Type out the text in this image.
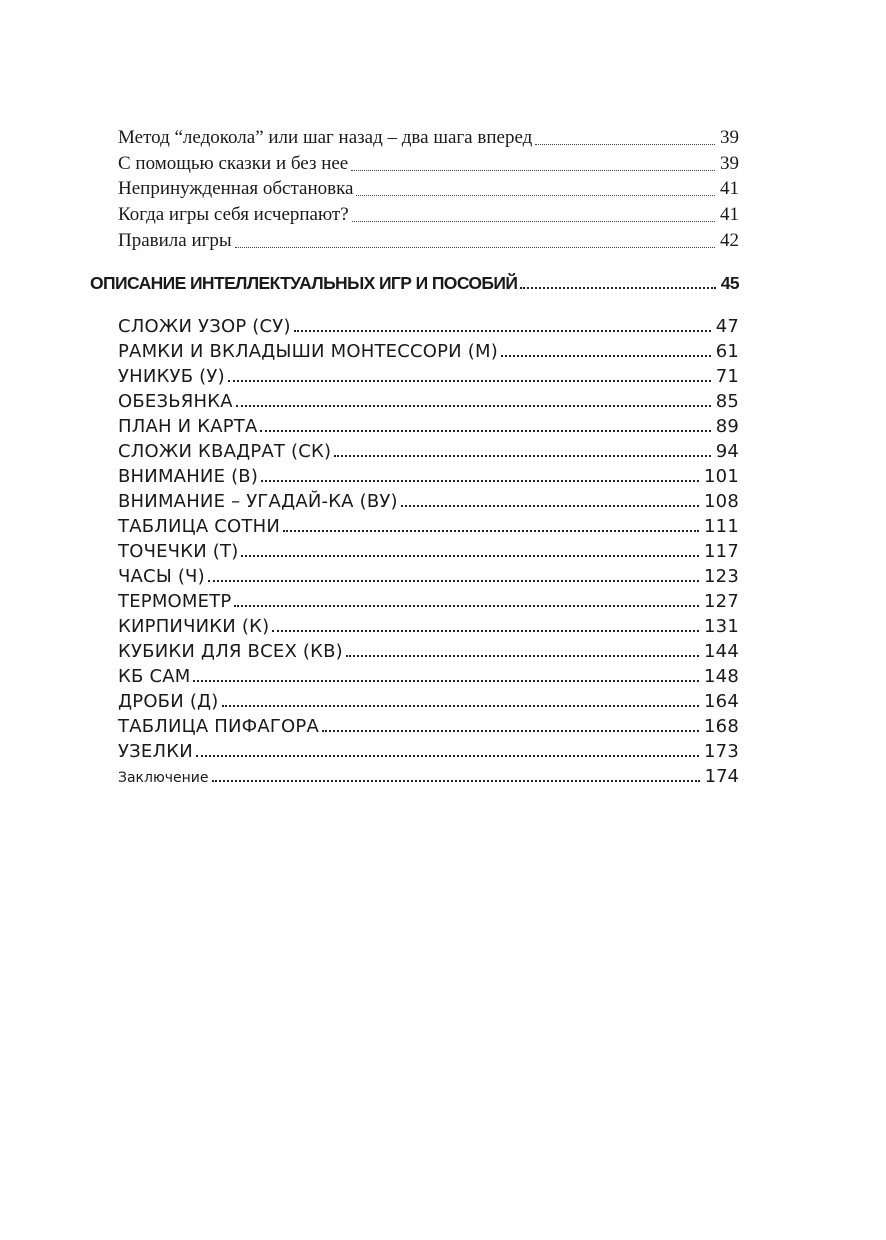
Метод “ледокола” или шаг назад – два шага вперед	39
С помощью сказки и без нее	39
Непринужденная обстановка	41
Когда игры себя исчерпают?	41
Правила игры	42
ОПИСАНИЕ ИНТЕЛЛЕКТУАЛЬНЫХ ИГР И ПОСОБИЙ	45
СЛОЖИ УЗОР (СУ)	47
РАМКИ И ВКЛАДЫШИ МОНТЕССОРИ (М)	61
УНИКУБ (У)	71
ОБЕЗЬЯНКА	85
ПЛАН И КАРТА	89
СЛОЖИ КВАДРАТ (СК)	94
ВНИМАНИЕ (В)	101
ВНИМАНИЕ – УГАДАЙ-КА (ВУ)	108
ТАБЛИЦА СОТНИ	111
ТОЧЕЧКИ (Т)	117
ЧАСЫ (Ч)	123
ТЕРМОМЕТР	127
КИРПИЧИКИ (К)	131
КУБИКИ ДЛЯ ВСЕХ (КВ)	144
КБ САМ	148
ДРОБИ (Д)	164
ТАБЛИЦА ПИФАГОРА	168
УЗЕЛКИ	173
Заключение	174
